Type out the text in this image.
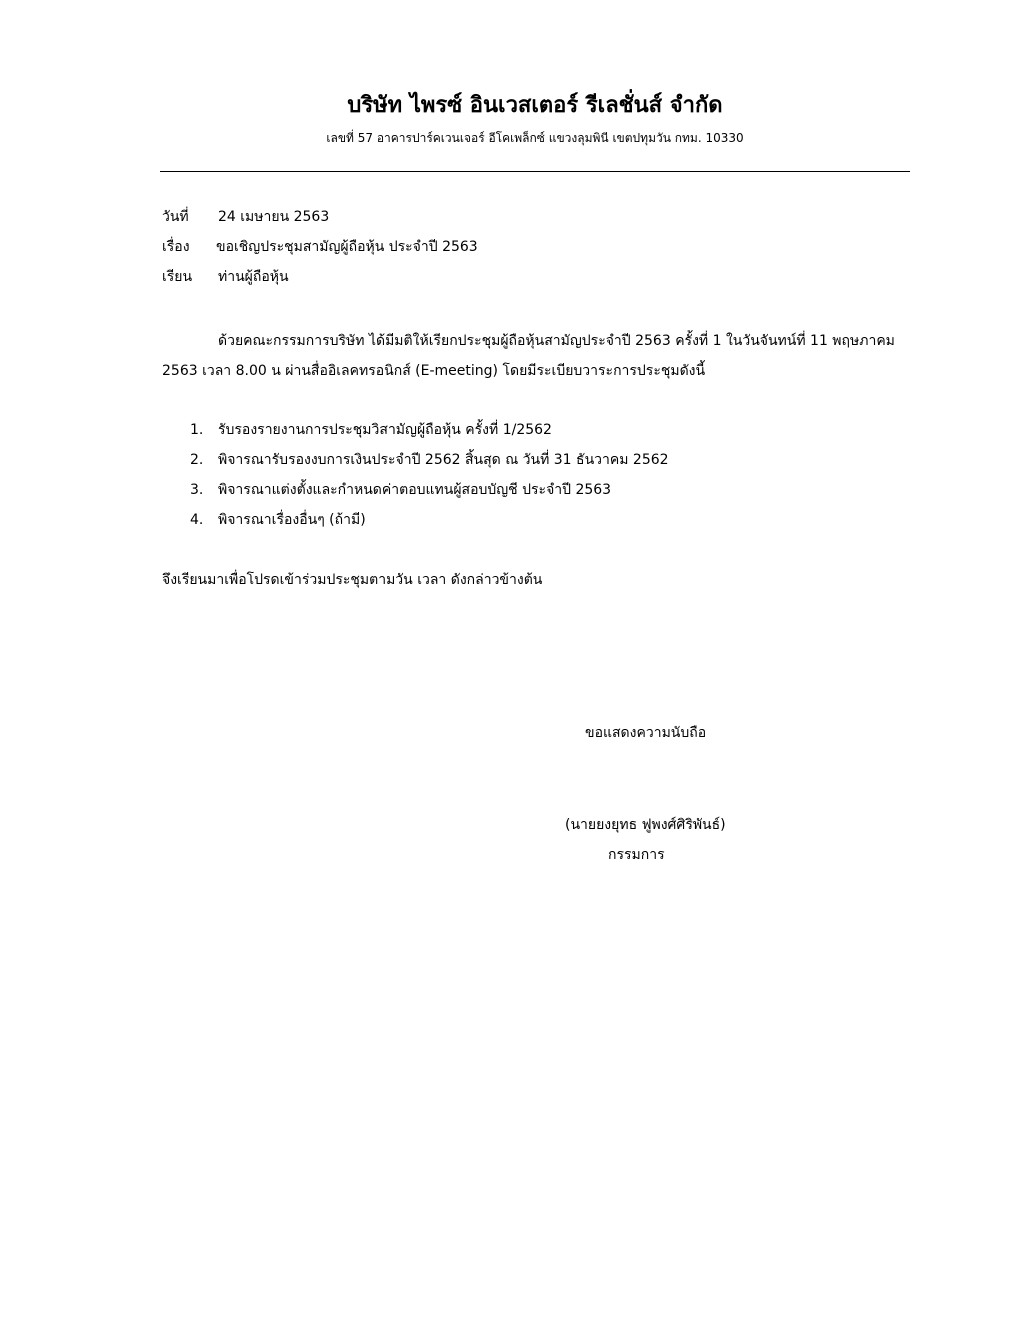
บริษัท ไพรซ์ อินเวสเตอร์ รีเลชั่นส์ จำกัด
เลขที่ 57 อาคารปาร์คเวนเจอร์ อีโคเพล็กซ์ แขวงลุมพินี เขตปทุมวัน กทม. 10330
วันที่ 24 เมษายน 2563
เรื่อง ขอเชิญประชุมสามัญผู้ถือหุ้น ประจำปี 2563
เรียน ท่านผู้ถือหุ้น
ด้วยคณะกรรมการบริษัท ได้มีมติให้เรียกประชุมผู้ถือหุ้นสามัญประจำปี 2563 ครั้งที่ 1 ในวันจันทน์ที่ 11 พฤษภาคม
2563 เวลา 8.00 น ผ่านสื่ออิเลคทรอนิกส์ (E-meeting) โดยมีระเบียบวาระการประชุมดังนี้
1. รับรองรายงานการประชุมวิสามัญผู้ถือหุ้น ครั้งที่ 1/2562
2. พิจารณารับรองงบการเงินประจำปี 2562 สิ้นสุด ณ วันที่ 31 ธันวาคม 2562
3. พิจารณาแต่งตั้งและกำหนดค่าตอบแทนผู้สอบบัญชี ประจำปี 2563
4. พิจารณาเรื่องอื่นๆ (ถ้ามี)
จึงเรียนมาเพื่อโปรดเข้าร่วมประชุมตามวัน เวลา ดังกล่าวข้างต้น
ขอแสดงความนับถือ
(นายยงยุทธ ฟูพงศ์ศิริพันธ์)
กรรมการ
